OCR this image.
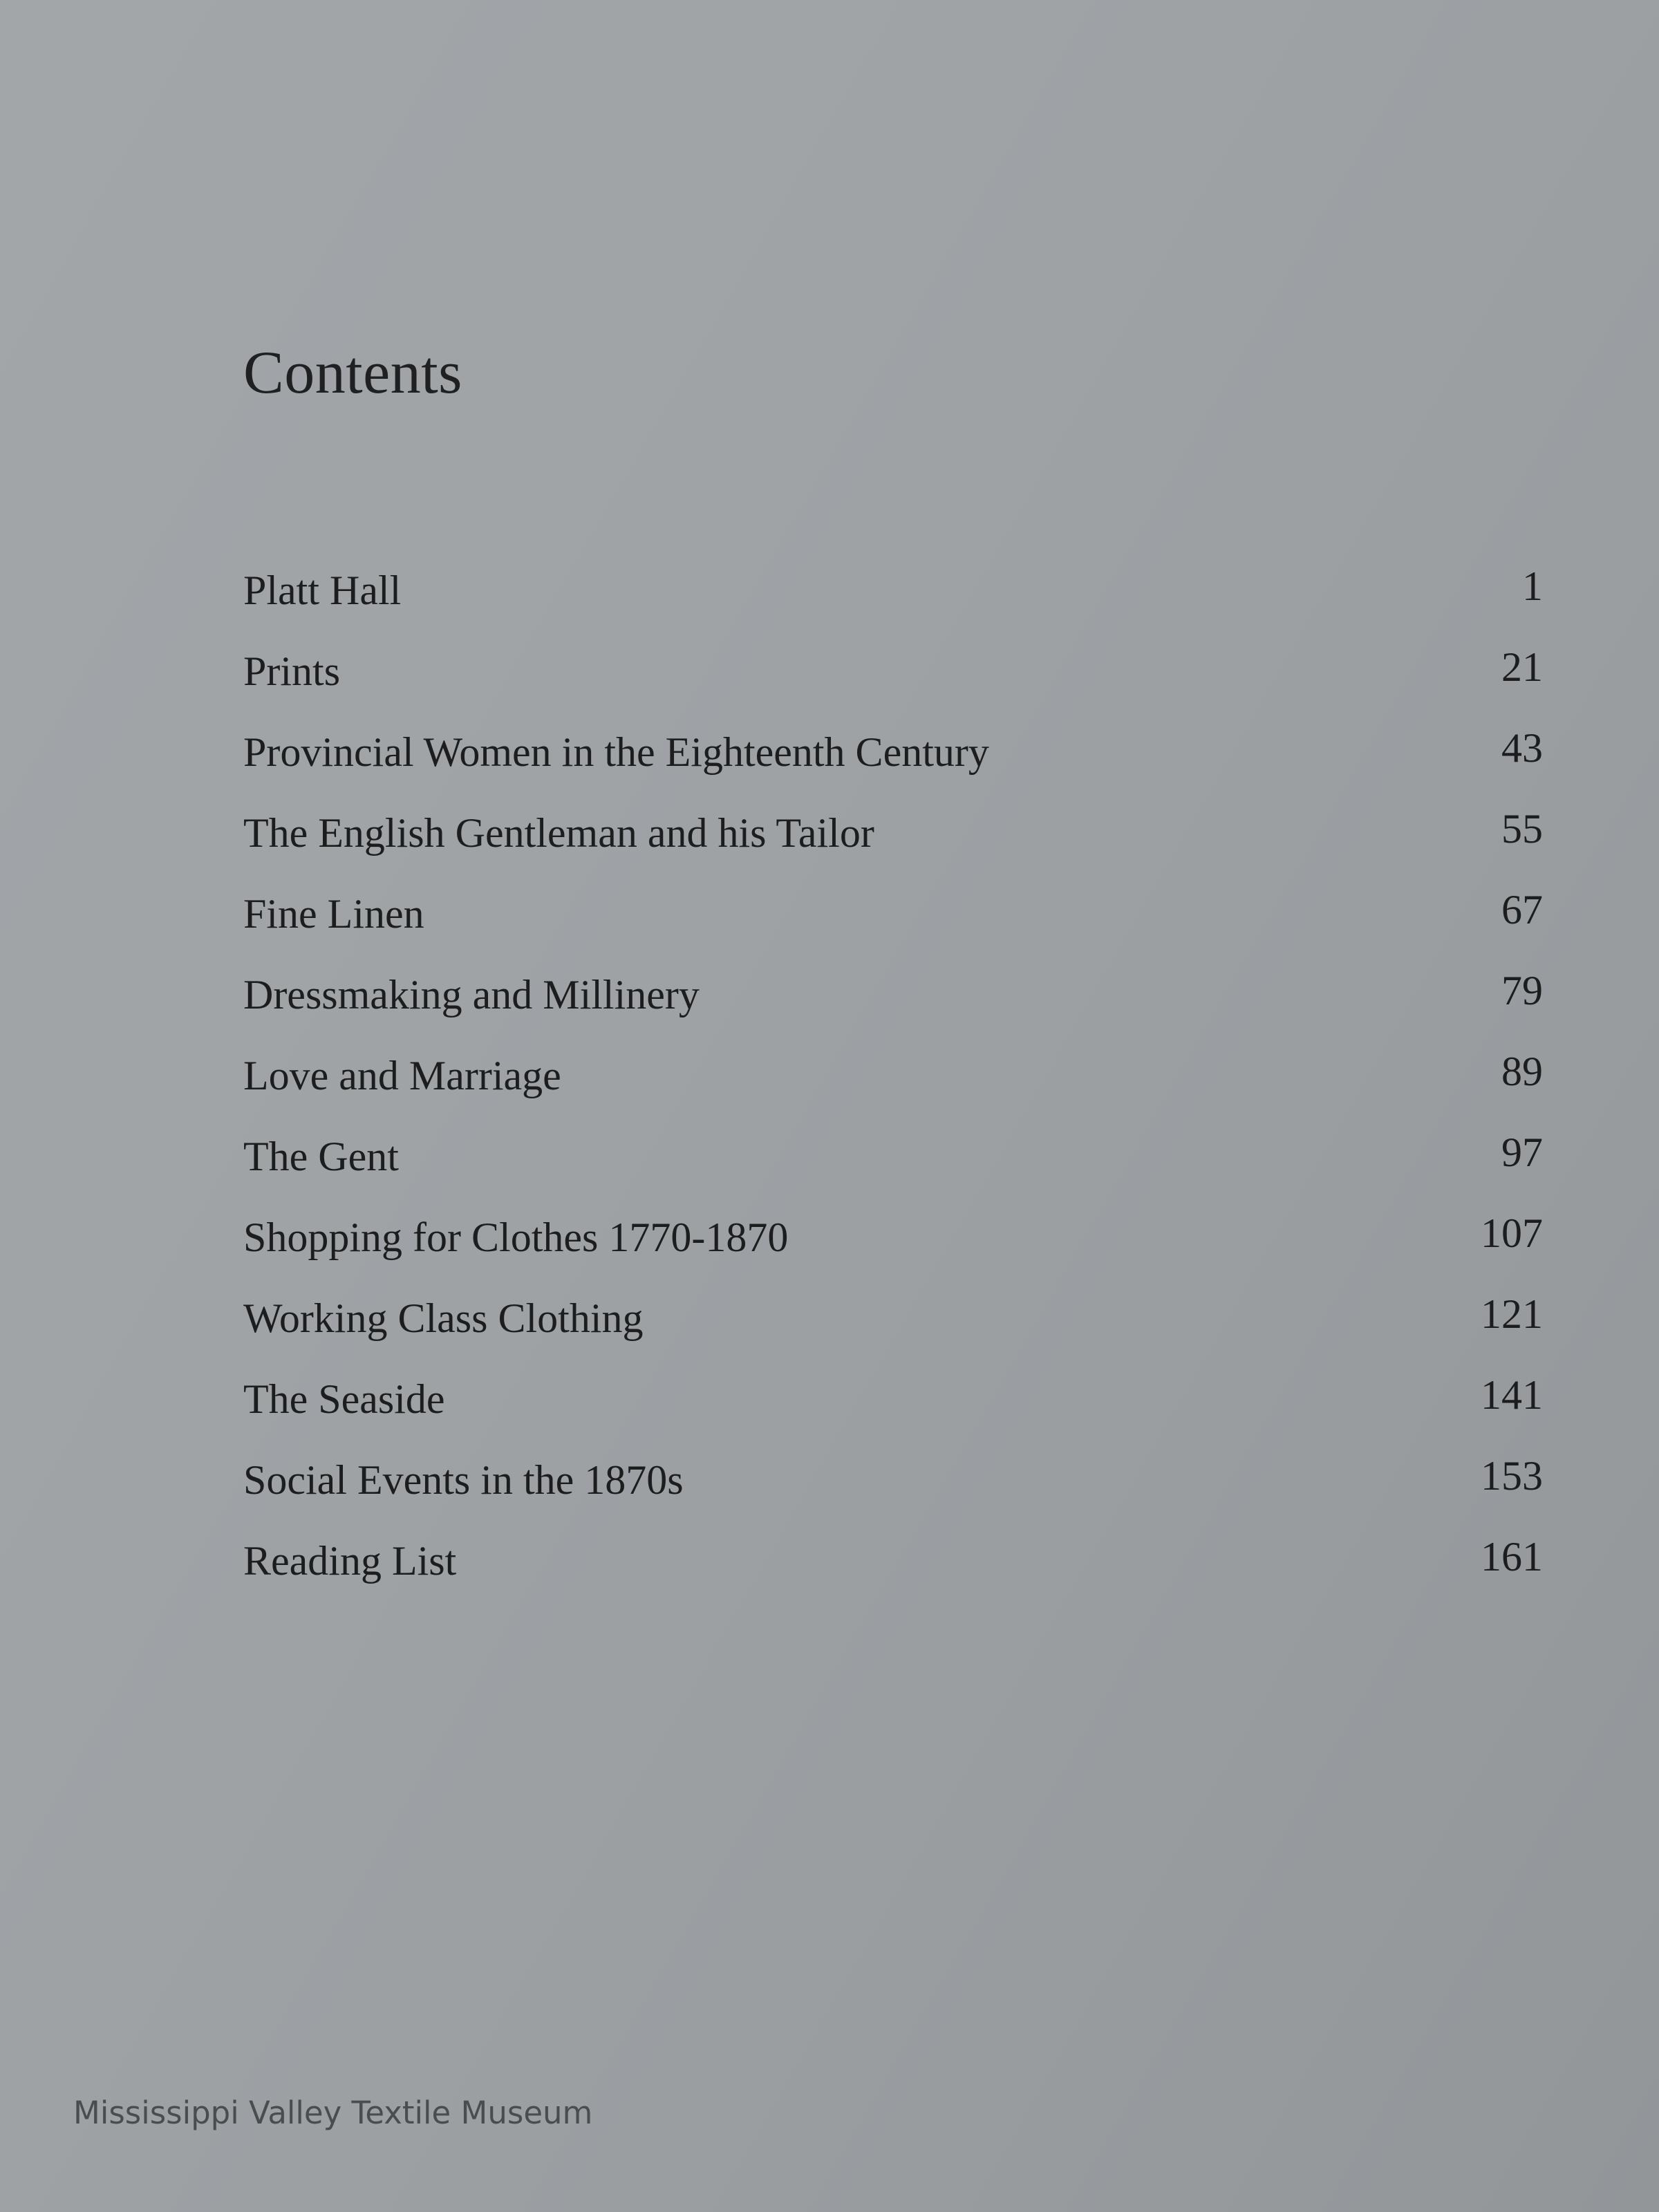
Contents
Platt Hall	1
Prints	21
Provincial Women in the Eighteenth Century	43
The English Gentleman and his Tailor	55
Fine Linen	67
Dressmaking and Millinery	79
Love and Marriage	89
The Gent	97
Shopping for Clothes 1770-1870	107
Working Class Clothing	121
The Seaside	141
Social Events in the 1870s	153
Reading List	161
Mississippi Valley Textile Museum
